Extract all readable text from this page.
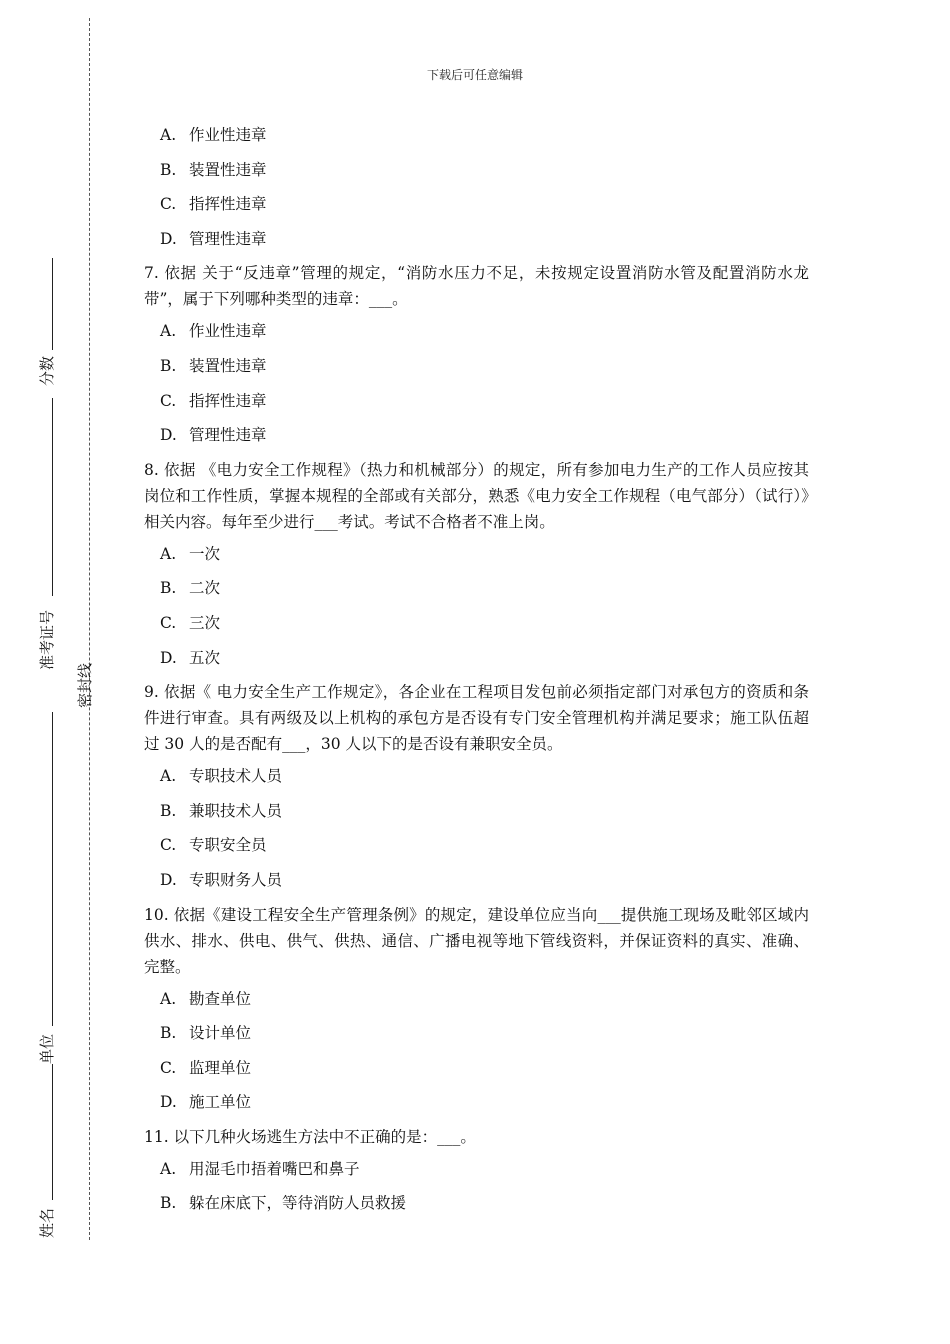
下载后可任意编辑
分数
准考证号
密封线
单位
姓名
A. 作业性违章
B. 装置性违章
C. 指挥性违章
D. 管理性违章
7. 依据 关于“反违章”管理的规定，“消防水压力不足，未按规定设置消防水管及配置消防水龙带”，属于下列哪种类型的违章：___。
A. 作业性违章
B. 装置性违章
C. 指挥性违章
D. 管理性违章
8. 依据 《电力安全工作规程》（热力和机械部分）的规定，所有参加电力生产的工作人员应按其岗位和工作性质，掌握本规程的全部或有关部分，熟悉《电力安全工作规程（电气部分）（试行）》相关内容。每年至少进行___考试。考试不合格者不准上岗。
A. 一次
B. 二次
C. 三次
D. 五次
9. 依据《 电力安全生产工作规定》，各企业在工程项目发包前必须指定部门对承包方的资质和条件进行审查。具有两级及以上机构的承包方是否设有专门安全管理机构并满足要求；施工队伍超过 30 人的是否配有___，30 人以下的是否设有兼职安全员。
A. 专职技术人员
B. 兼职技术人员
C. 专职安全员
D. 专职财务人员
10. 依据《建设工程安全生产管理条例》的规定，建设单位应当向___提供施工现场及毗邻区域内供水、排水、供电、供气、供热、通信、广播电视等地下管线资料，并保证资料的真实、准确、完整。
A. 勘查单位
B. 设计单位
C. 监理单位
D. 施工单位
11. 以下几种火场逃生方法中不正确的是：___。
A. 用湿毛巾捂着嘴巴和鼻子
B. 躲在床底下，等待消防人员救援
